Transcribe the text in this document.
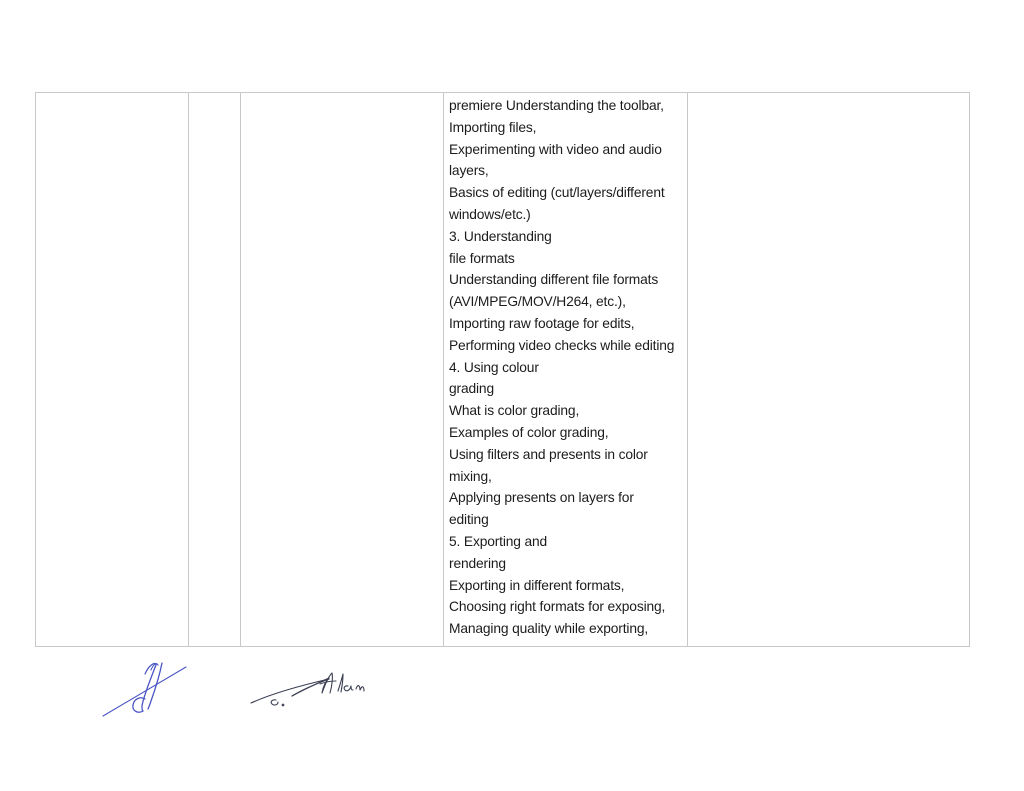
premiere Understanding the toolbar,
Importing files,
Experimenting with video and audio
layers,
Basics of editing (cut/layers/different
windows/etc.)
3. Understanding
file formats
Understanding different file formats
(AVI/MPEG/MOV/H264, etc.),
Importing raw footage for edits,
Performing video checks while editing
4. Using colour
grading
What is color grading,
Examples of color grading,
Using filters and presents in color
mixing,
Applying presents on layers for
editing
5. Exporting and
rendering
Exporting in different formats,
Choosing right formats for exposing,
Managing quality while exporting,
